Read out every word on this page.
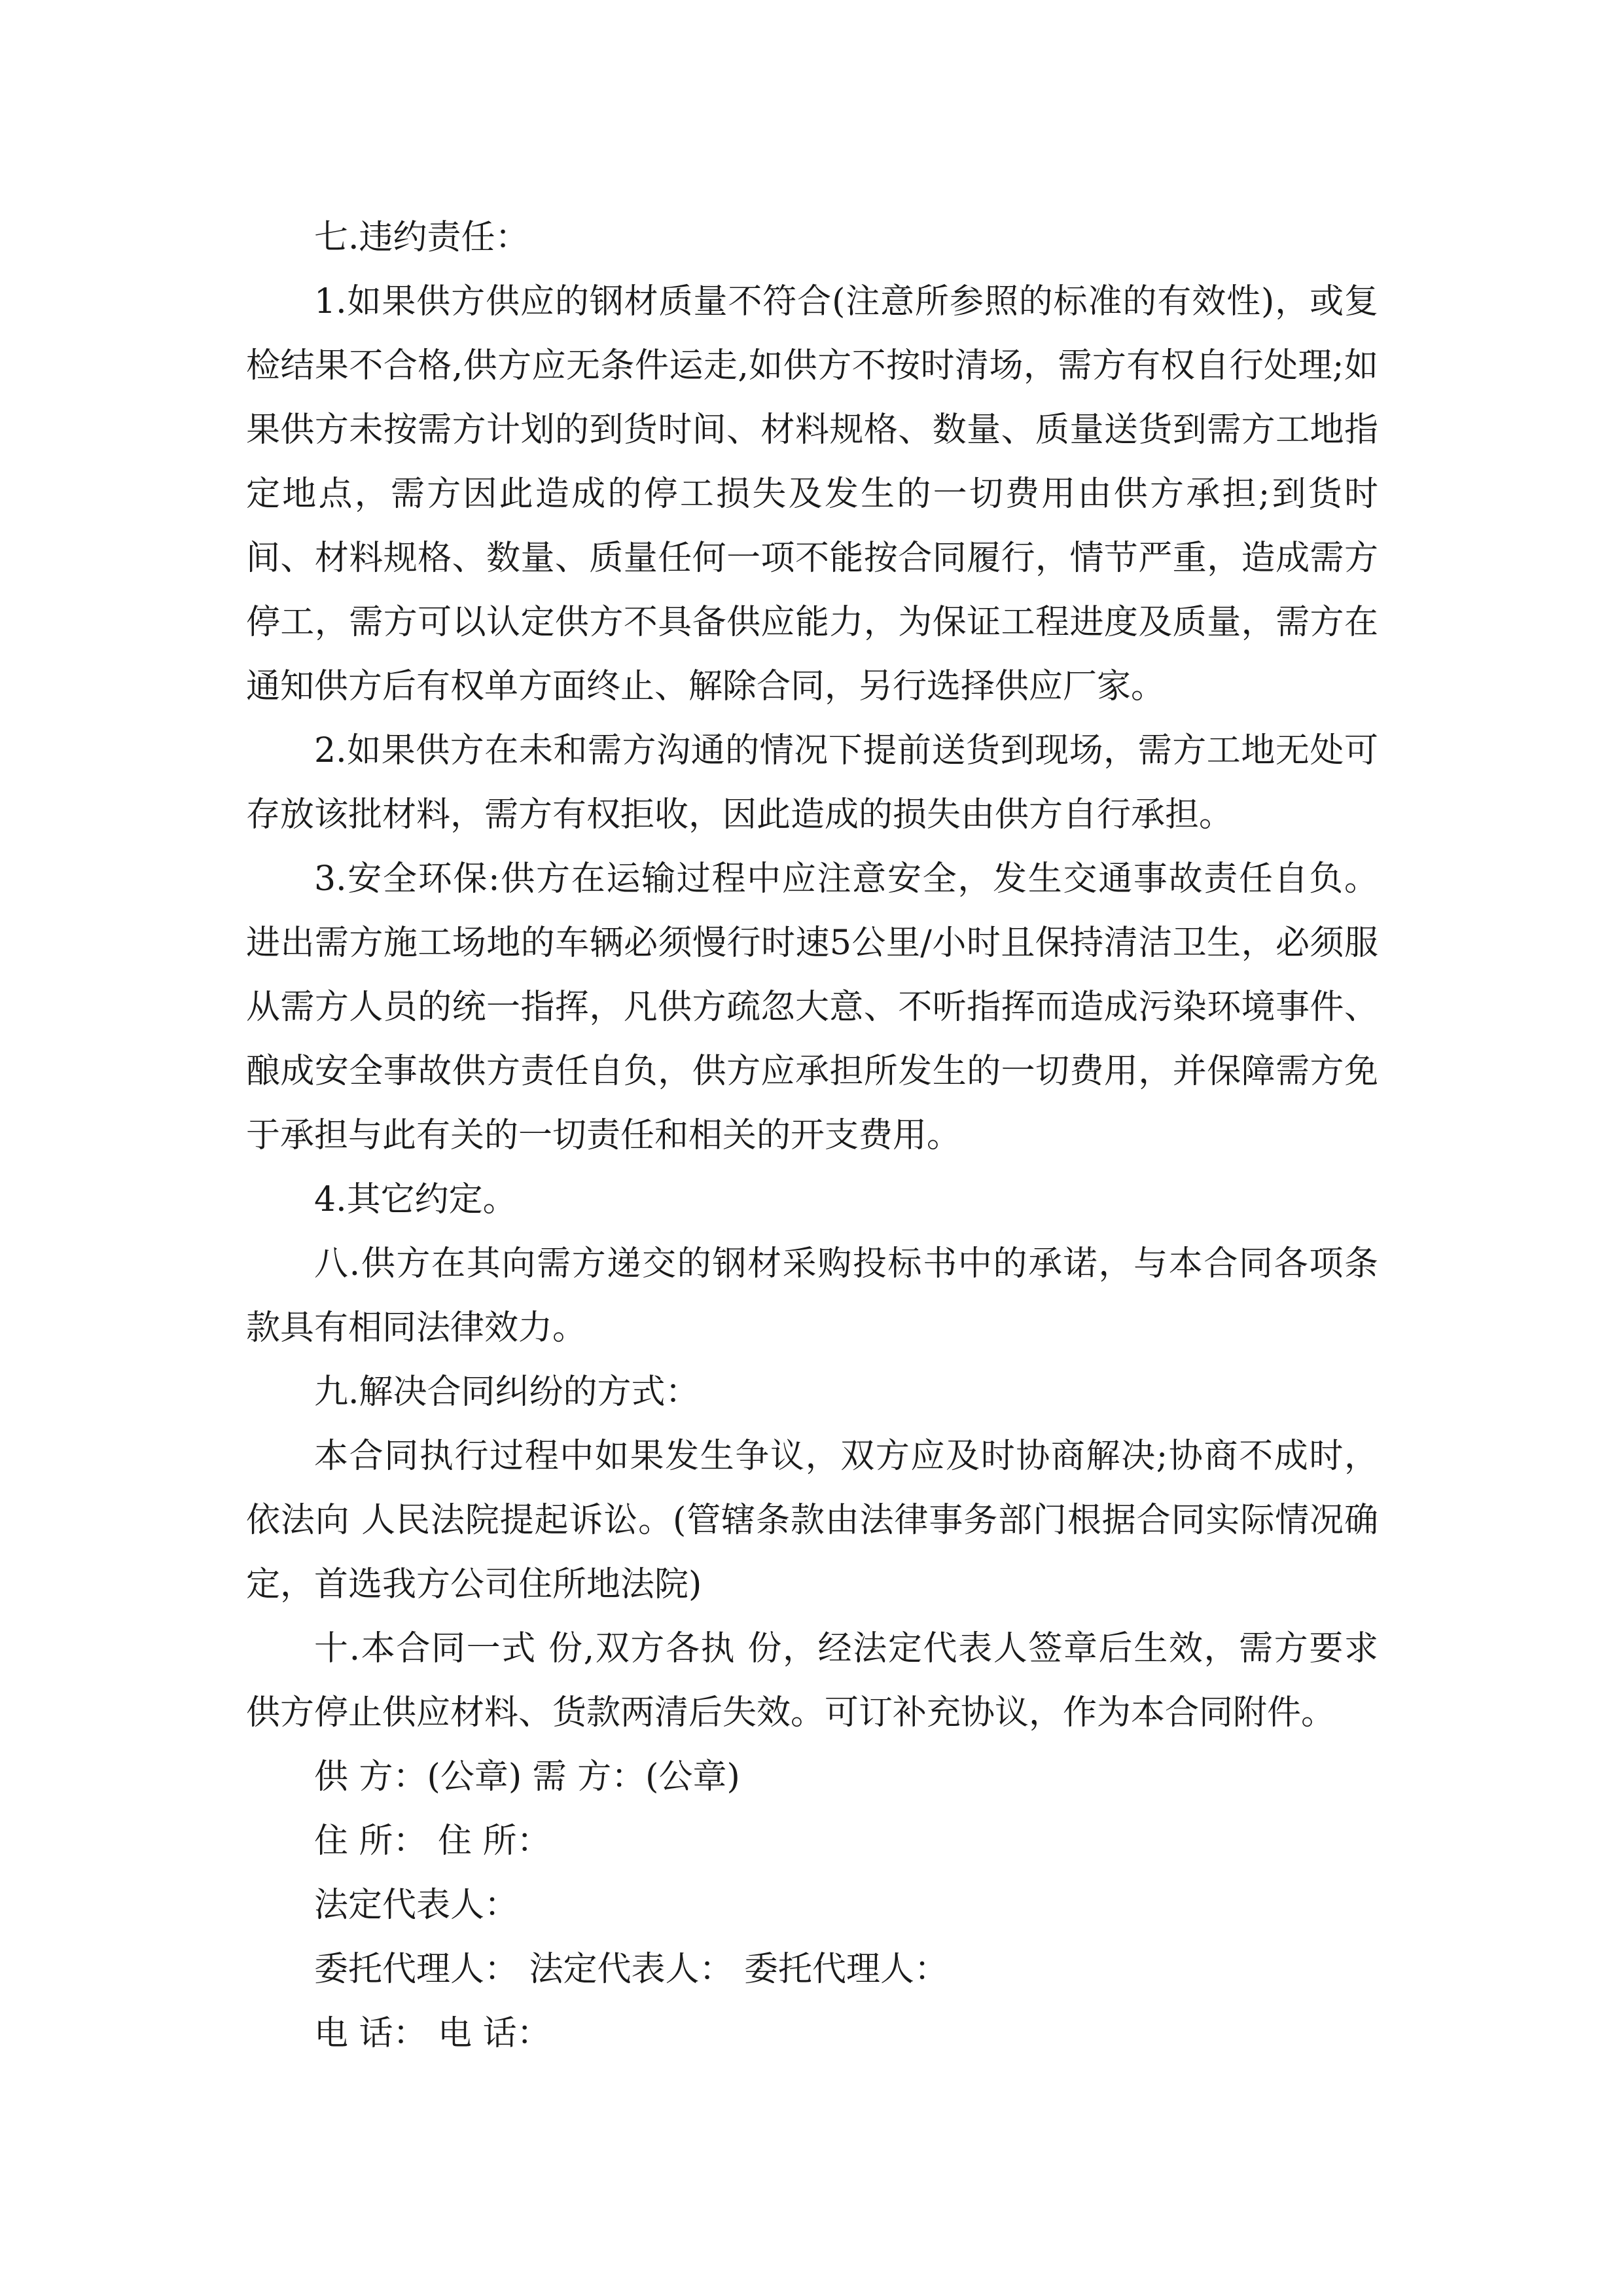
七.违约责任：

1.如果供方供应的钢材质量不符合(注意所参照的标准的有效性)，或复检结果不合格,供方应无条件运走,如供方不按时清场，需方有权自行处理;如果供方未按需方计划的到货时间、材料规格、数量、质量送货到需方工地指定地点，需方因此造成的停工损失及发生的一切费用由供方承担;到货时间、材料规格、数量、质量任何一项不能按合同履行，情节严重，造成需方停工，需方可以认定供方不具备供应能力，为保证工程进度及质量，需方在通知供方后有权单方面终止、解除合同，另行选择供应厂家。

2.如果供方在未和需方沟通的情况下提前送货到现场，需方工地无处可存放该批材料，需方有权拒收，因此造成的损失由供方自行承担。

3.安全环保:供方在运输过程中应注意安全，发生交通事故责任自负。进出需方施工场地的车辆必须慢行时速5公里/小时且保持清洁卫生，必须服从需方人员的统一指挥，凡供方疏忽大意、不听指挥而造成污染环境事件、酿成安全事故供方责任自负，供方应承担所发生的一切费用，并保障需方免于承担与此有关的一切责任和相关的开支费用。

4.其它约定。

八.供方在其向需方递交的钢材采购投标书中的承诺，与本合同各项条款具有相同法律效力。

九.解决合同纠纷的方式：

本合同执行过程中如果发生争议，双方应及时协商解决;协商不成时，依法向 人民法院提起诉讼。(管辖条款由法律事务部门根据合同实际情况确定，首选我方公司住所地法院)

十.本合同一式 份,双方各执 份，经法定代表人签章后生效，需方要求供方停止供应材料、货款两清后失效。可订补充协议，作为本合同附件。

供 方：(公章) 需 方：(公章)

住 所： 住 所：

法定代表人：

委托代理人： 法定代表人： 委托代理人：

电 话： 电 话：
